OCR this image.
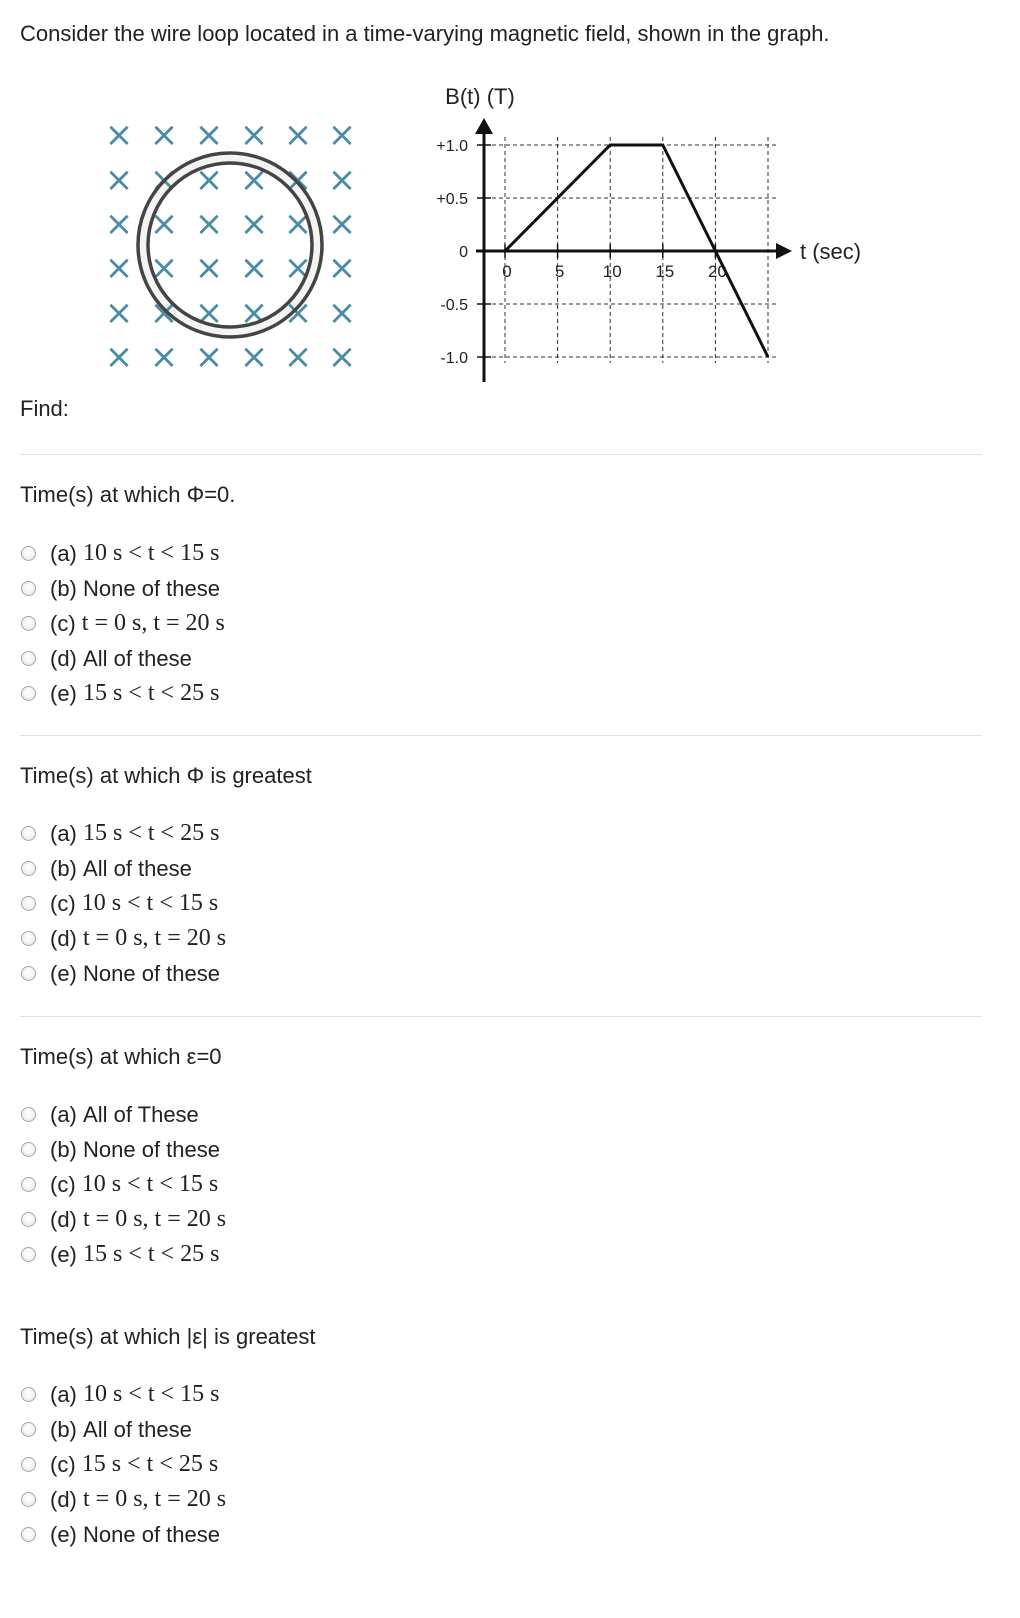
Consider the wire loop located in a time-varying magnetic field, shown in the graph.
× × × × × ×
× × × ×
× × × × × ×
× × × × × ×
× × × ×
× × × × × ×
×	×
×	×
+1.0
+0.5
0
-0.5
-1.0
0	5 10 15 20
B(t) (T)
t (sec)
Find:
Time(s) at which Φ=0.
(a)
10 s < t < 15 s
(b)
None of these
(c)
t = 0 s, t = 20 s
(d)
All of these
(e)
15 s < t < 25 s
Time(s) at which Φ is greatest
(a)
15 s < t < 25 s
(b)
All of these
(c)
10 s < t < 15 s
(d)
t = 0 s, t = 20 s
(e)
None of these
Time(s) at which ε=0
(a)
All of These
(b)
None of these
(c)
10 s < t < 15 s
(d)
t = 0 s, t = 20 s
(e)
15 s < t < 25 s
Time(s) at which |ε| is greatest
(a)
10 s < t < 15 s
(b)
All of these
(c)
15 s < t < 25 s
(d)
t = 0 s, t = 20 s
(e)
None of these
